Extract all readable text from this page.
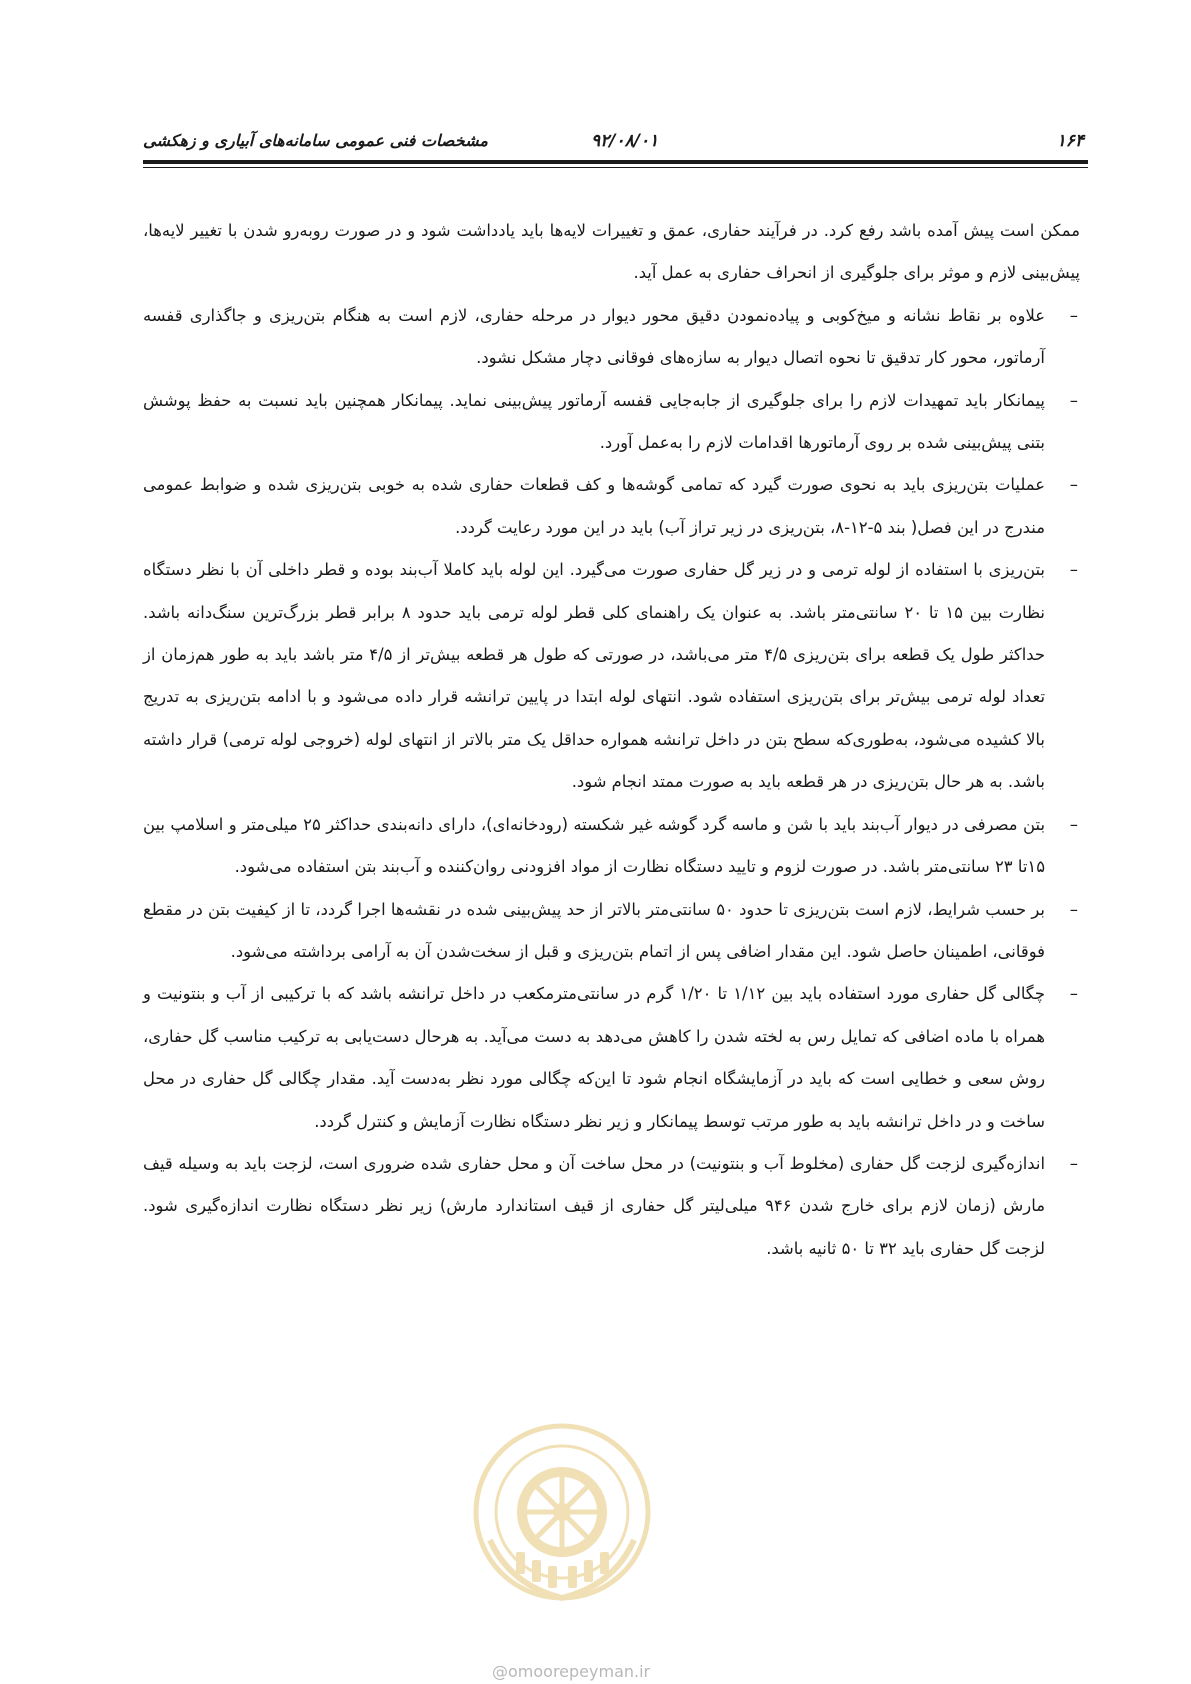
۱۶۴
۹۲/۰۸/۰۱
مشخصات فنی عمومی سامانه‌های آبیاری و زهکشی

ممکن است پیش آمده باشد رفع کرد. در فرآیند حفاری، عمق و تغییرات لایه‌ها باید یادداشت شود و در صورت روبه‌رو شدن با تغییر لایه‌ها، پیش‌بینی لازم و موثر برای جلوگیری از انحراف حفاری به عمل آید.

– علاوه بر نقاط نشانه و میخ‌کوبی و پیاده‌نمودن دقیق محور دیوار در مرحله حفاری، لازم است به هنگام بتن‌ریزی و جاگذاری قفسه آرماتور، محور کار تدقیق تا نحوه اتصال دیوار به سازه‌های فوقانی دچار مشکل نشود.

– پیمانکار باید تمهیدات لازم را برای جلوگیری از جابه‌جایی قفسه آرماتور پیش‌بینی نماید. پیمانکار همچنین باید نسبت به حفظ پوشش بتنی پیش‌بینی شده بر روی آرماتورها اقدامات لازم را به‌عمل آورد.

– عملیات بتن‌ریزی باید به نحوی صورت گیرد که تمامی گوشه‌ها و کف قطعات حفاری شده به خوبی بتن‌ریزی شده و ضوابط عمومی مندرج در این فصل( بند ۵-۱۲-۸، بتن‌ریزی در زیر تراز آب) باید در این مورد رعایت گردد.

– بتن‌ریزی با استفاده از لوله ترمی و در زیر گل حفاری صورت می‌گیرد. این لوله باید کاملا آب‌بند بوده و قطر داخلی آن با نظر دستگاه نظارت بین ۱۵ تا ۲۰ سانتی‌متر باشد. به عنوان یک راهنمای کلی قطر لوله ترمی باید حدود ۸ برابر قطر بزرگ‌ترین سنگ‌دانه باشد. حداکثر طول یک قطعه برای بتن‌ریزی ۴/۵ متر می‌باشد، در صورتی که طول هر قطعه بیش‌تر از ۴/۵ متر باشد باید به طور هم‌زمان از تعداد لوله ترمی بیش‌تر برای بتن‌ریزی استفاده شود. انتهای لوله ابتدا در پایین ترانشه قرار داده می‌شود و با ادامه بتن‌ریزی به تدریج بالا کشیده می‌شود، به‌طوری‌که سطح بتن در داخل ترانشه همواره حداقل یک متر بالاتر از انتهای لوله (خروجی لوله ترمی) قرار داشته باشد. به هر حال بتن‌ریزی در هر قطعه باید به صورت ممتد انجام شود.

– بتن مصرفی در دیوار آب‌بند باید با شن و ماسه گرد گوشه غیر شکسته (رودخانه‌ای)، دارای دانه‌بندی حداکثر ۲۵ میلی‌متر و اسلامپ بین ۱۵تا ۲۳ سانتی‌متر باشد. در صورت لزوم و تایید دستگاه نظارت از مواد افزودنی روان‌کننده و آب‌بند بتن استفاده می‌شود.

– بر حسب شرایط، لازم است بتن‌ریزی تا حدود ۵۰ سانتی‌متر بالاتر از حد پیش‌بینی شده در نقشه‌ها اجرا گردد، تا از کیفیت بتن در مقطع فوقانی، اطمینان حاصل شود. این مقدار اضافی پس از اتمام بتن‌ریزی و قبل از سخت‌شدن آن به آرامی برداشته می‌شود.

– چگالی گل حفاری مورد استفاده باید بین ۱/۱۲ تا ۱/۲۰ گرم در سانتی‌مترمکعب در داخل ترانشه باشد که با ترکیبی از آب و بنتونیت و همراه با ماده اضافی که تمایل رس به لخته شدن را کاهش می‌دهد به دست می‌آید. به هرحال دست‌یابی به ترکیب مناسب گل حفاری، روش سعی و خطایی است که باید در آزمایشگاه انجام شود تا این‌که چگالی مورد نظر به‌دست آید. مقدار چگالی گل حفاری در محل ساخت و در داخل ترانشه باید به طور مرتب توسط پیمانکار و زیر نظر دستگاه نظارت آزمایش و کنترل گردد.

– اندازه‌گیری لزجت گل حفاری (مخلوط آب و بنتونیت) در محل ساخت آن و محل حفاری شده ضروری است، لزجت باید به وسیله قیف مارش (زمان لازم برای خارج شدن ۹۴۶ میلی‌لیتر گل حفاری از قیف استاندارد مارش) زیر نظر دستگاه نظارت اندازه‌گیری شود. لزجت گل حفاری باید ۳۲ تا ۵۰ ثانیه باشد.

@omoorepeyman.ir
